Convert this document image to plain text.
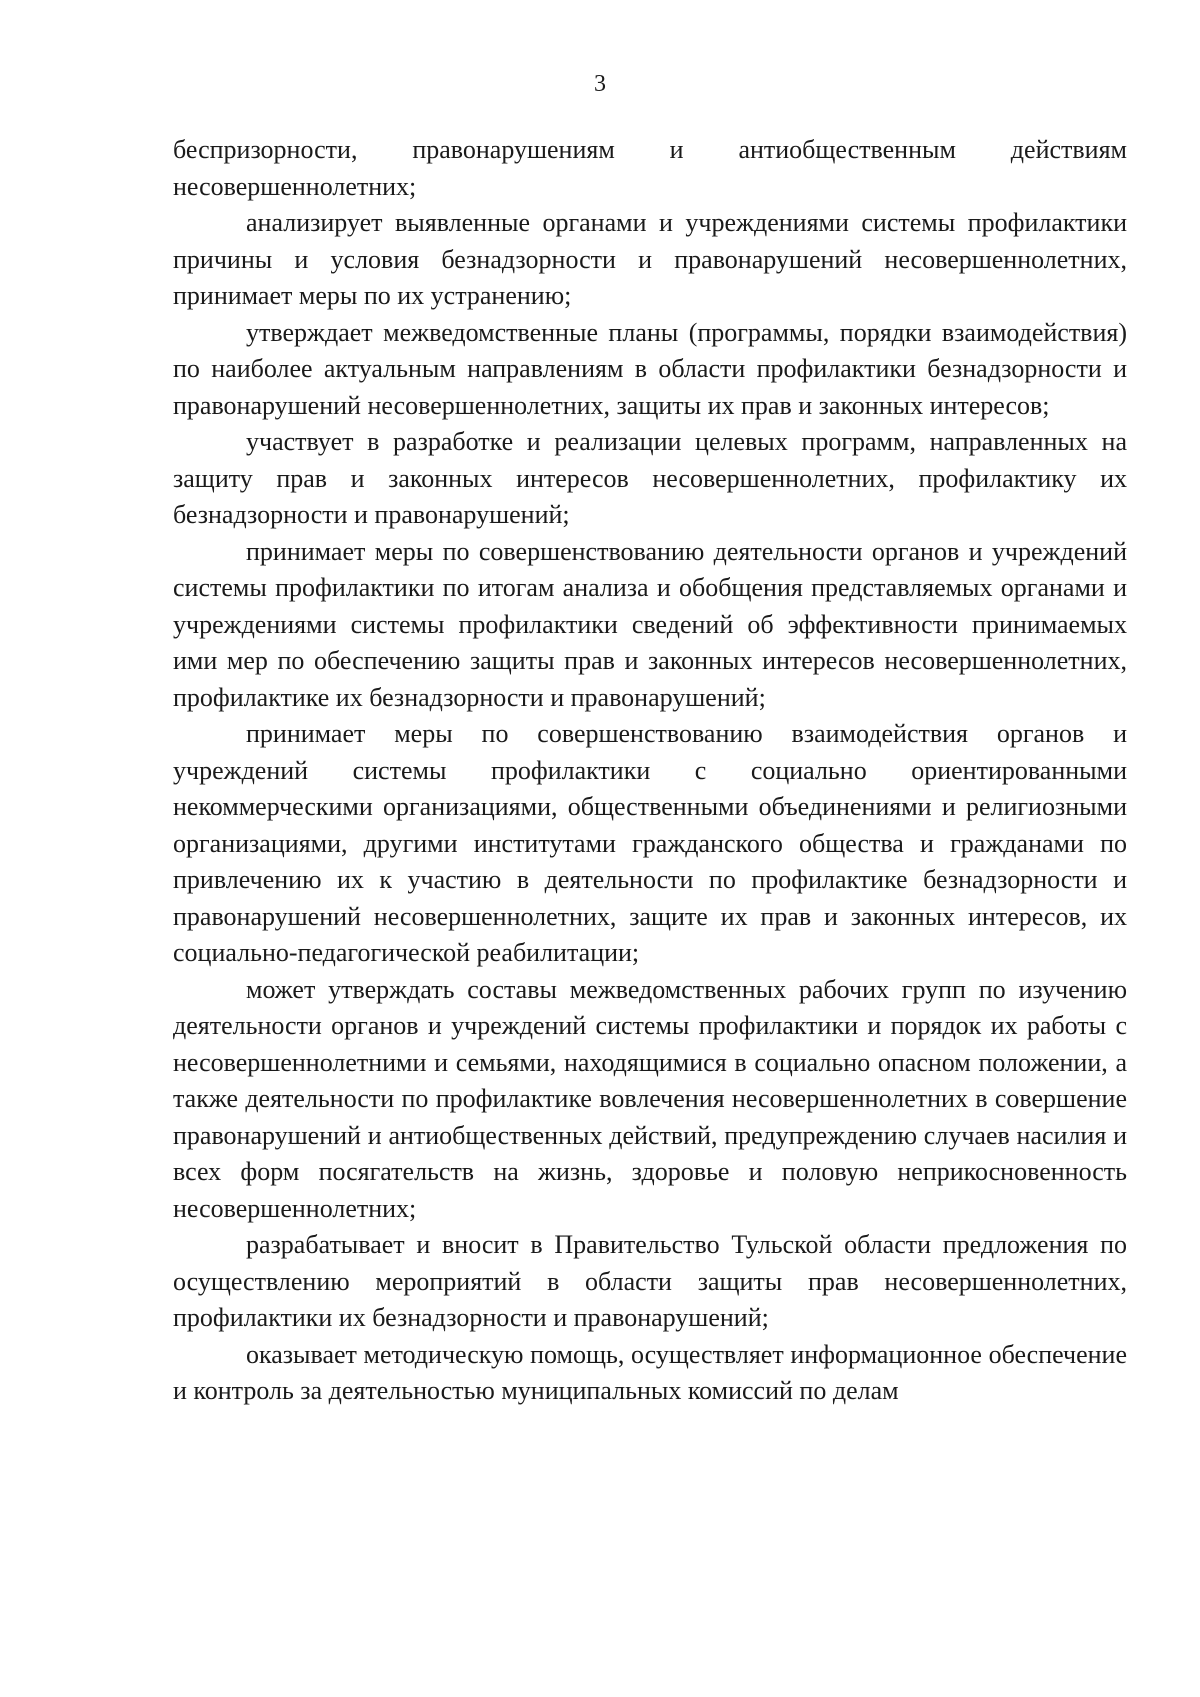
3

беспризорности, правонарушениям и антиобщественным действиям несовершеннолетних;

анализирует выявленные органами и учреждениями системы профилактики причины и условия безнадзорности и правонарушений несовершеннолетних, принимает меры по их устранению;

утверждает межведомственные планы (программы, порядки взаимодействия) по наиболее актуальным направлениям в области профилактики безнадзорности и правонарушений несовершеннолетних, защиты их прав и законных интересов;

участвует в разработке и реализации целевых программ, направленных на защиту прав и законных интересов несовершеннолетних, профилактику их безнадзорности и правонарушений;

принимает меры по совершенствованию деятельности органов и учреждений системы профилактики по итогам анализа и обобщения представляемых органами и учреждениями системы профилактики сведений об эффективности принимаемых ими мер по обеспечению защиты прав и законных интересов несовершеннолетних, профилактике их безнадзорности и правонарушений;

принимает меры по совершенствованию взаимодействия органов и учреждений системы профилактики с социально ориентированными некоммерческими организациями, общественными объединениями и религиозными организациями, другими институтами гражданского общества и гражданами по привлечению их к участию в деятельности по профилактике безнадзорности и правонарушений несовершеннолетних, защите их прав и законных интересов, их социально-педагогической реабилитации;

может утверждать составы межведомственных рабочих групп по изучению деятельности органов и учреждений системы профилактики и порядок их работы с несовершеннолетними и семьями, находящимися в социально опасном положении, а также деятельности по профилактике вовлечения несовершеннолетних в совершение правонарушений и антиобщественных действий, предупреждению случаев насилия и всех форм посягательств на жизнь, здоровье и половую неприкосновенность несовершеннолетних;

разрабатывает и вносит в Правительство Тульской области предложения по осуществлению мероприятий в области защиты прав несовершеннолетних, профилактики их безнадзорности и правонарушений;

оказывает методическую помощь, осуществляет информационное обеспечение и контроль за деятельностью муниципальных комиссий по делам
